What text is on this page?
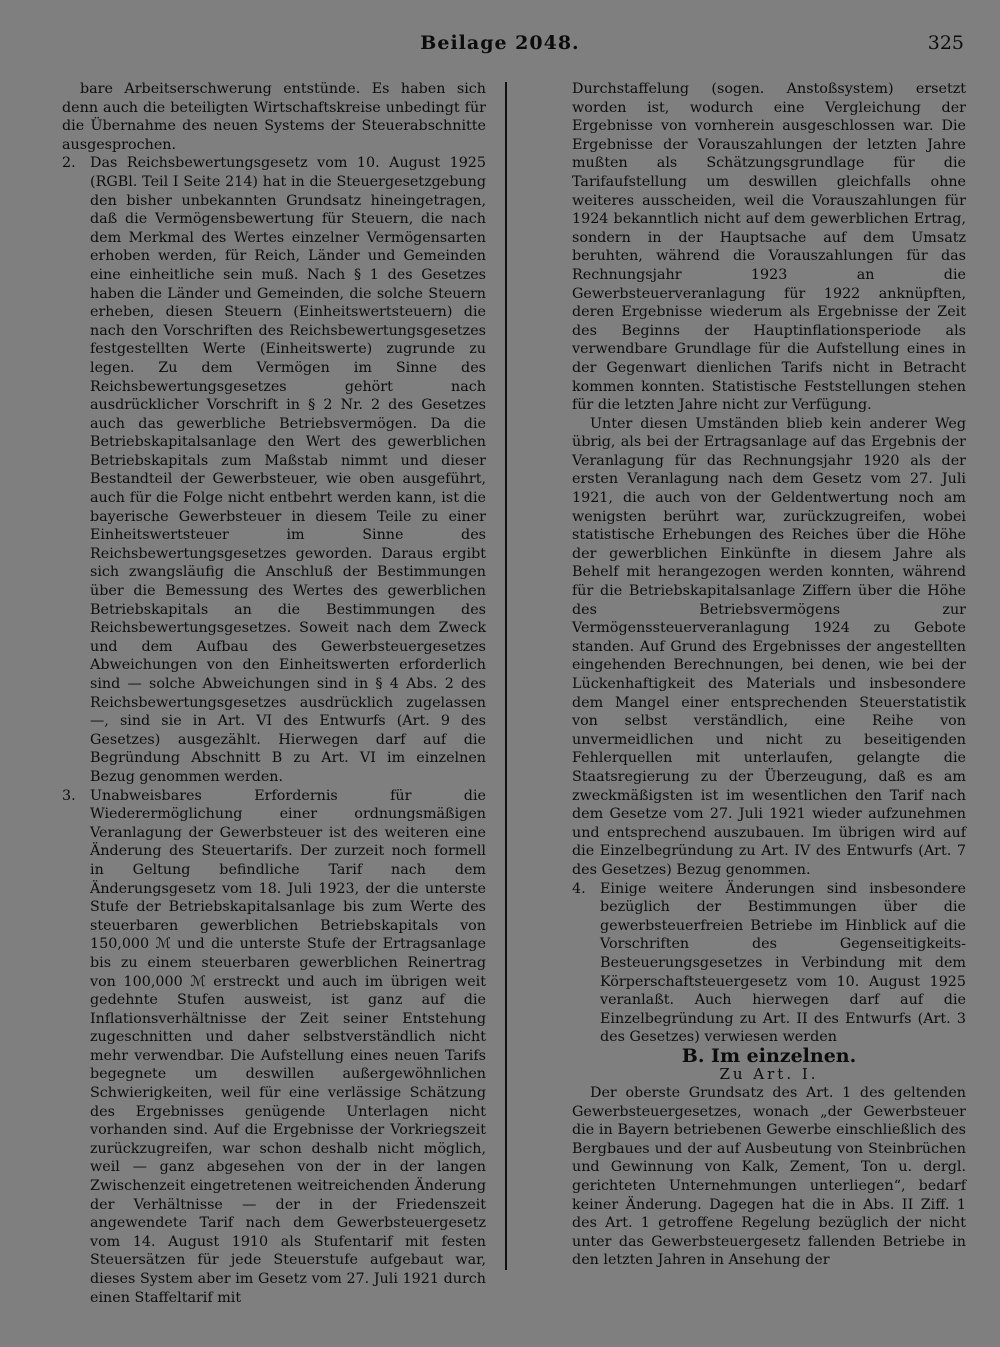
Beilage 2048.	325

bare Arbeitserschwerung entstünde. Es haben sich denn auch die beteiligten Wirtschaftskreise unbedingt für die Übernahme des neuen Systems der Steuerabschnitte ausgesprochen.

2.	Das Reichsbewertungsgesetz vom 10. August 1925 (RGBl. Teil I Seite 214) hat in die Steuergesetzgebung den bisher unbekannten Grundsatz hineingetragen, daß die Vermögensbewertung für Steuern, die nach dem Merkmal des Wertes einzelner Vermögensarten erhoben werden, für Reich, Länder und Gemeinden eine einheitliche sein muß. Nach § 1 des Gesetzes haben die Länder und Gemeinden, die solche Steuern erheben, diesen Steuern (Einheitswertsteuern) die nach den Vorschriften des Reichsbewertungsgesetzes festgestellten Werte (Einheitswerte) zugrunde zu legen. Zu dem Vermögen im Sinne des Reichsbewertungsgesetzes gehört nach ausdrücklicher Vorschrift in § 2 Nr. 2 des Gesetzes auch das gewerbliche Betriebsvermögen. Da die Betriebskapitalsanlage den Wert des gewerblichen Betriebskapitals zum Maßstab nimmt und dieser Bestandteil der Gewerbsteuer, wie oben ausgeführt, auch für die Folge nicht entbehrt werden kann, ist die bayerische Gewerbsteuer in diesem Teile zu einer Einheitswertsteuer im Sinne des Reichsbewertungsgesetzes geworden. Daraus ergibt sich zwangsläufig die Anschluß der Bestimmungen über die Bemessung des Wertes des gewerblichen Betriebskapitals an die Bestimmungen des Reichsbewertungsgesetzes. Soweit nach dem Zweck und dem Aufbau des Gewerbsteuergesetzes Abweichungen von den Einheitswerten erforderlich sind — solche Abweichungen sind in § 4 Abs. 2 des Reichsbewertungsgesetzes ausdrücklich zugelassen —, sind sie in Art. VI des Entwurfs (Art. 9 des Gesetzes) ausgezählt. Hierwegen darf auf die Begründung Abschnitt B zu Art. VI im einzelnen Bezug genommen werden.
3.	Unabweisbares Erfordernis für die Wiederermöglichung einer ordnungsmäßigen Veranlagung der Gewerbsteuer ist des weiteren eine Änderung des Steuertarifs. Der zurzeit noch formell in Geltung befindliche Tarif nach dem Änderungsgesetz vom 18. Juli 1923, der die unterste Stufe der Betriebskapitalsanlage bis zum Werte des steuerbaren gewerblichen Betriebskapitals von 150,000 ℳ und die unterste Stufe der Ertragsanlage bis zu einem steuerbaren gewerblichen Reinertrag von 100,000 ℳ erstreckt und auch im übrigen weit gedehnte Stufen ausweist, ist ganz auf die Inflationsverhältnisse der Zeit seiner Entstehung zugeschnitten und daher selbstverständlich nicht mehr verwendbar. Die Aufstellung eines neuen Tarifs begegnete um deswillen außergewöhnlichen Schwierigkeiten, weil für eine verlässige Schätzung des Ergebnisses genügende Unterlagen nicht vorhanden sind. Auf die Ergebnisse der Vorkriegszeit zurückzugreifen, war schon deshalb nicht möglich, weil — ganz abgesehen von der in der langen Zwischenzeit eingetretenen weitreichenden Änderung der Verhältnisse — der in der Friedenszeit angewendete Tarif nach dem Gewerbsteuergesetz vom 14. August 1910 als Stufentarif mit festen Steuersätzen für jede Steuerstufe aufgebaut war, dieses System aber im Gesetz vom 27. Juli 1921 durch einen Staffeltarif mit

Durchstaffelung (sogen. Anstoßsystem) ersetzt worden ist, wodurch eine Vergleichung der Ergebnisse von vornherein ausgeschlossen war. Die Ergebnisse der Vorauszahlungen der letzten Jahre mußten als Schätzungsgrundlage für die Tarifaufstellung um deswillen gleichfalls ohne weiteres ausscheiden, weil die Vorauszahlungen für 1924 bekanntlich nicht auf dem gewerblichen Ertrag, sondern in der Hauptsache auf dem Umsatz beruhten, während die Vorauszahlungen für das Rechnungsjahr 1923 an die Gewerbsteuerveranlagung für 1922 anknüpften, deren Ergebnisse wiederum als Ergebnisse der Zeit des Beginns der Hauptinflationsperiode als verwendbare Grundlage für die Aufstellung eines in der Gegenwart dienlichen Tarifs nicht in Betracht kommen konnten. Statistische Feststellungen stehen für die letzten Jahre nicht zur Verfügung.

Unter diesen Umständen blieb kein anderer Weg übrig, als bei der Ertragsanlage auf das Ergebnis der Veranlagung für das Rechnungsjahr 1920 als der ersten Veranlagung nach dem Gesetz vom 27. Juli 1921, die auch von der Geldentwertung noch am wenigsten berührt war, zurückzugreifen, wobei statistische Erhebungen des Reiches über die Höhe der gewerblichen Einkünfte in diesem Jahre als Behelf mit herangezogen werden konnten, während für die Betriebskapitalsanlage Ziffern über die Höhe des Betriebsvermögens zur Vermögenssteuerveranlagung 1924 zu Gebote standen. Auf Grund des Ergebnisses der angestellten eingehenden Berechnungen, bei denen, wie bei der Lückenhaftigkeit des Materials und insbesondere dem Mangel einer entsprechenden Steuerstatistik von selbst verständlich, eine Reihe von unvermeidlichen und nicht zu beseitigenden Fehlerquellen mit unterlaufen, gelangte die Staatsregierung zu der Überzeugung, daß es am zweckmäßigsten ist im wesentlichen den Tarif nach dem Gesetze vom 27. Juli 1921 wieder aufzunehmen und entsprechend auszubauen. Im übrigen wird auf die Einzelbegründung zu Art. IV des Entwurfs (Art. 7 des Gesetzes) Bezug genommen.

4.	Einige weitere Änderungen sind insbesondere bezüglich der Bestimmungen über die gewerbsteuerfreien Betriebe im Hinblick auf die Vorschriften des Gegenseitigkeits-Besteuerungsgesetzes in Verbindung mit dem Körperschaftsteuergesetz vom 10. August 1925 veranlaßt. Auch hierwegen darf auf die Einzelbegründung zu Art. II des Entwurfs (Art. 3 des Gesetzes) verwiesen werden

B. Im einzelnen.

Zu Art. I.

Der oberste Grundsatz des Art. 1 des geltenden Gewerbsteuergesetzes, wonach „der Gewerbsteuer die in Bayern betriebenen Gewerbe einschließlich des Bergbaues und der auf Ausbeutung von Steinbrüchen und Gewinnung von Kalk, Zement, Ton u. dergl. gerichteten Unternehmungen unterliegen“, bedarf keiner Änderung. Dagegen hat die in Abs. II Ziff. 1 des Art. 1 getroffene Regelung bezüglich der nicht unter das Gewerbsteuergesetz fallenden Betriebe in den letzten Jahren in Ansehung der
